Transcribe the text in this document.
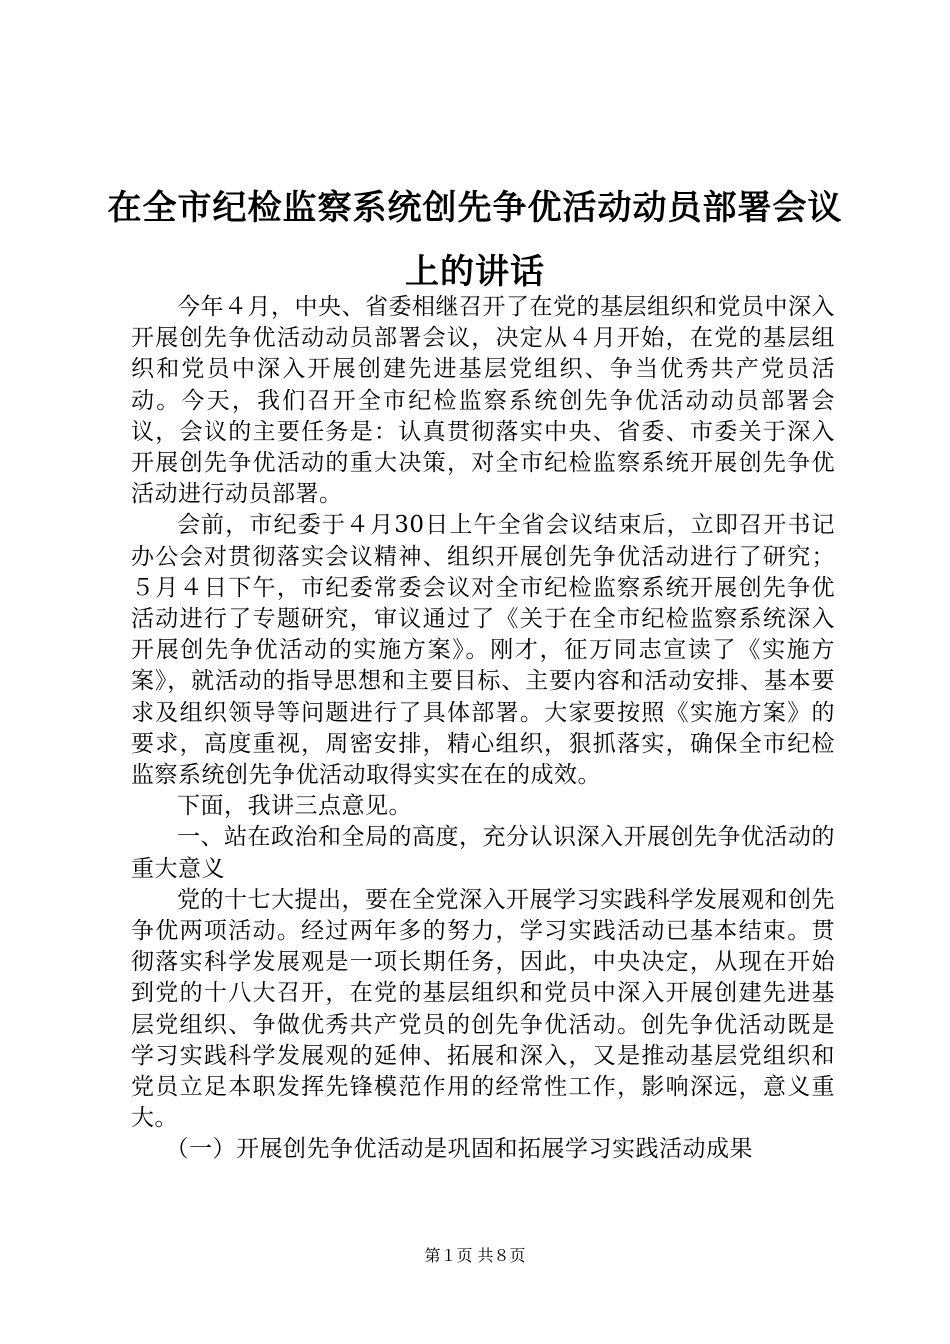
在全市纪检监察系统创先争优活动动员部署会议上的讲话

今年４月，中央、省委相继召开了在党的基层组织和党员中深入开展创先争优活动动员部署会议，决定从４月开始，在党的基层组织和党员中深入开展创建先进基层党组织、争当优秀共产党员活动。今天，我们召开全市纪检监察系统创先争优活动动员部署会议，会议的主要任务是：认真贯彻落实中央、省委、市委关于深入开展创先争优活动的重大决策，对全市纪检监察系统开展创先争优活动进行动员部署。

会前，市纪委于４月30日上午全省会议结束后，立即召开书记办公会对贯彻落实会议精神、组织开展创先争优活动进行了研究；５月４日下午，市纪委常委会议对全市纪检监察系统开展创先争优活动进行了专题研究，审议通过了《关于在全市纪检监察系统深入开展创先争优活动的实施方案》。刚才，征万同志宣读了《实施方案》，就活动的指导思想和主要目标、主要内容和活动安排、基本要求及组织领导等问题进行了具体部署。大家要按照《实施方案》的要求，高度重视，周密安排，精心组织，狠抓落实，确保全市纪检监察系统创先争优活动取得实实在在的成效。

下面，我讲三点意见。

一、站在政治和全局的高度，充分认识深入开展创先争优活动的重大意义

党的十七大提出，要在全党深入开展学习实践科学发展观和创先争优两项活动。经过两年多的努力，学习实践活动已基本结束。贯彻落实科学发展观是一项长期任务，因此，中央决定，从现在开始到党的十八大召开，在党的基层组织和党员中深入开展创建先进基层党组织、争做优秀共产党员的创先争优活动。创先争优活动既是学习实践科学发展观的延伸、拓展和深入，又是推动基层党组织和党员立足本职发挥先锋模范作用的经常性工作，影响深远，意义重大。

（一）开展创先争优活动是巩固和拓展学习实践活动成果

第１页 共８页
